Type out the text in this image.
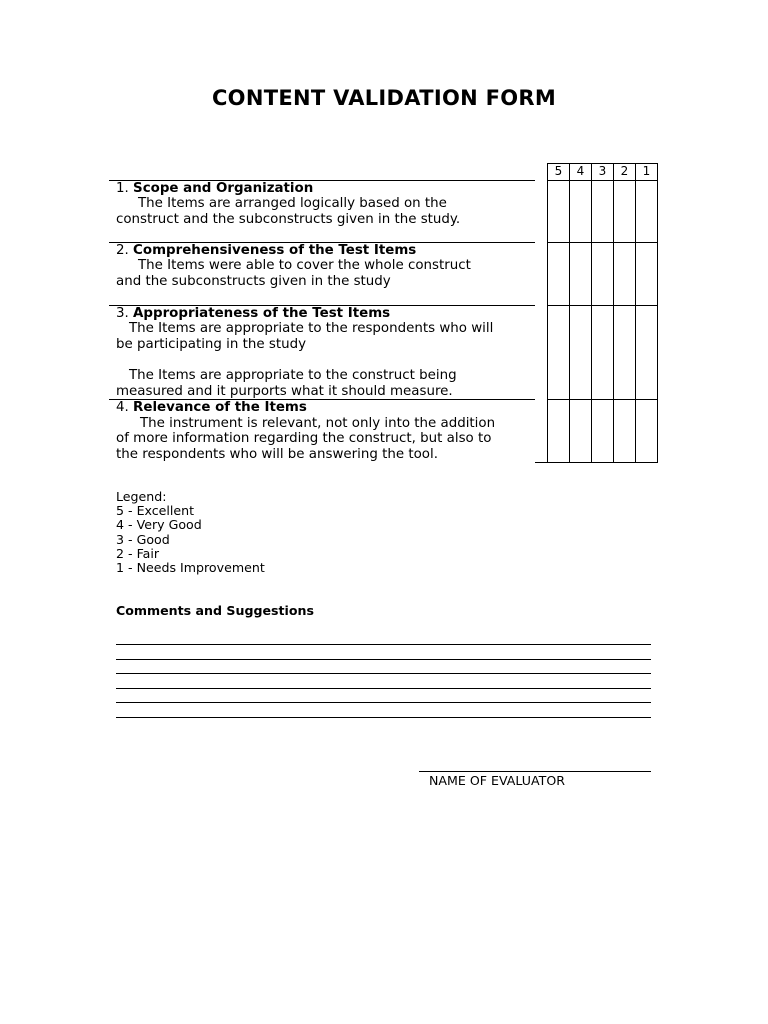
CONTENT VALIDATION FORM
		5	4	3	2	1

1. Scope and Organization
The Items are arranged logically based on the
construct and the subconstructs given in the study.						

2. Comprehensiveness of the Test Items
The Items were able to cover the whole construct
and the subconstructs given in the study						

3. Appropriateness of the Test Items
The Items are appropriate to the respondents who will
be participating in the study
The Items are appropriate to the construct being
measured and it purports what it should measure.						

4. Relevance of the Items
The instrument is relevant, not only into the addition
of more information regarding the construct, but also to
the respondents who will be answering the tool.						

Legend:
5 - Excellent
4 - Very Good
3 - Good
2 - Fair
1 - Needs Improvement
Comments and Suggestions
NAME OF EVALUATOR
